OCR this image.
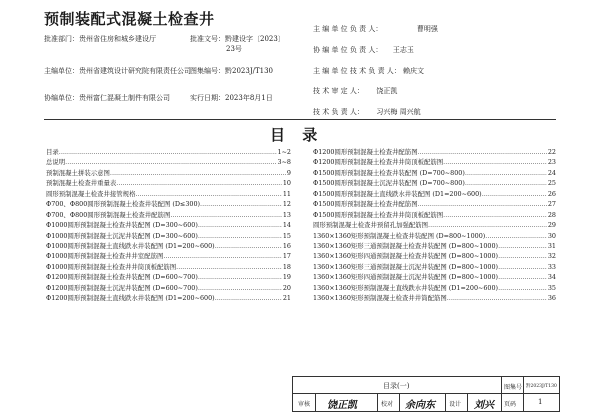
预制装配式混凝土检查井
批准部门：贵州省住房和城乡建设厅	批准文号：黔建设字〔2023〕
23号
主编单位：贵州省建筑设计研究院有限责任公司 图集编号：黔2023J/T130
协编单位：贵州富仁混凝土制件有限公司	实行日期：2023年8月1日
主 编 单 位 负 责 人：	曹明强
协 编 单 位 负 责 人： 王志玉
主 编 单 位 技 术 负 责 人： 赖庆文
技 术 审 定 人： 饶正凯
技 术 负 责 人： 习兴梅 周兴航
目 录
目录 .....	1~2
总说明 .....	3~8
预制混凝土拼装示意图 .....	9
预制混凝土检查井重量表 .....	10
圆形预制混凝土检查井接管规格 .....	11
Φ700、Φ800圆形预制混凝土检查井装配图 (D≤300) .....	12
Φ700、Φ800圆形预制混凝土检查井配筋图 .....	13
Φ1000圆形预制混凝土检查井装配图 (D=300~600) .....	14
Φ1000圆形预制混凝土沉泥井装配图 (D=300~600) .....	15
Φ1000圆形预制混凝土直线跌水井装配图 (D1=200~600) .....	16
Φ1000圆形预制混凝土检查井井室配筋图 .....	17
Φ1000圆形预制混凝土检查井井筒顶板配筋图 .....	18
Φ1200圆形预制混凝土检查井装配图 (D=600~700) .....	19
Φ1200圆形预制混凝土沉泥井装配图 (D=600~700) .....	20
Φ1200圆形预制混凝土直线跌水井装配图 (D1=200~600) .....	21
Φ1200圆形预制混凝土检查井配筋图 .....	22
Φ1200圆形预制混凝土检查井井筒顶板配筋图 .....	23
Φ1500圆形预制混凝土检查井装配图 (D=700~800) .....	24
Φ1500圆形预制混凝土沉泥井装配图 (D=700~800) .....	25
Φ1500圆形预制混凝土直线跌水井装配图 (D1=200~600) .....	26
Φ1500圆形预制混凝土检查井配筋图 .....	27
Φ1500圆形预制混凝土检查井井筒顶板配筋图 .....	28
圆形预制混凝土检查井预留孔加强配筋图 .....	29
1360×1360矩形预制混凝土检查井装配图 (D=800~1000) .....	30
1360×1360矩形三通预制混凝土检查井装配图 (D=800~1000) .....	31
1360×1360矩形四通预制混凝土检查井装配图 (D=800~1000) .....	32
1360×1360矩形三通预制混凝土沉泥井装配图 (D=800~1000) .....	33
1360×1360矩形四通预制混凝土沉泥井装配图 (D=800~1000) .....	34
1360×1360矩形预制混凝土直线跌水井装配图 (D1=200~600) .....	35
1360×1360矩形预制混凝土检查井井筒配筋图 .....	36
目录(一)	图集号 黔2023J/T130
审核 饶正凯	校对 余向东 设计 刘兴 页码	1
